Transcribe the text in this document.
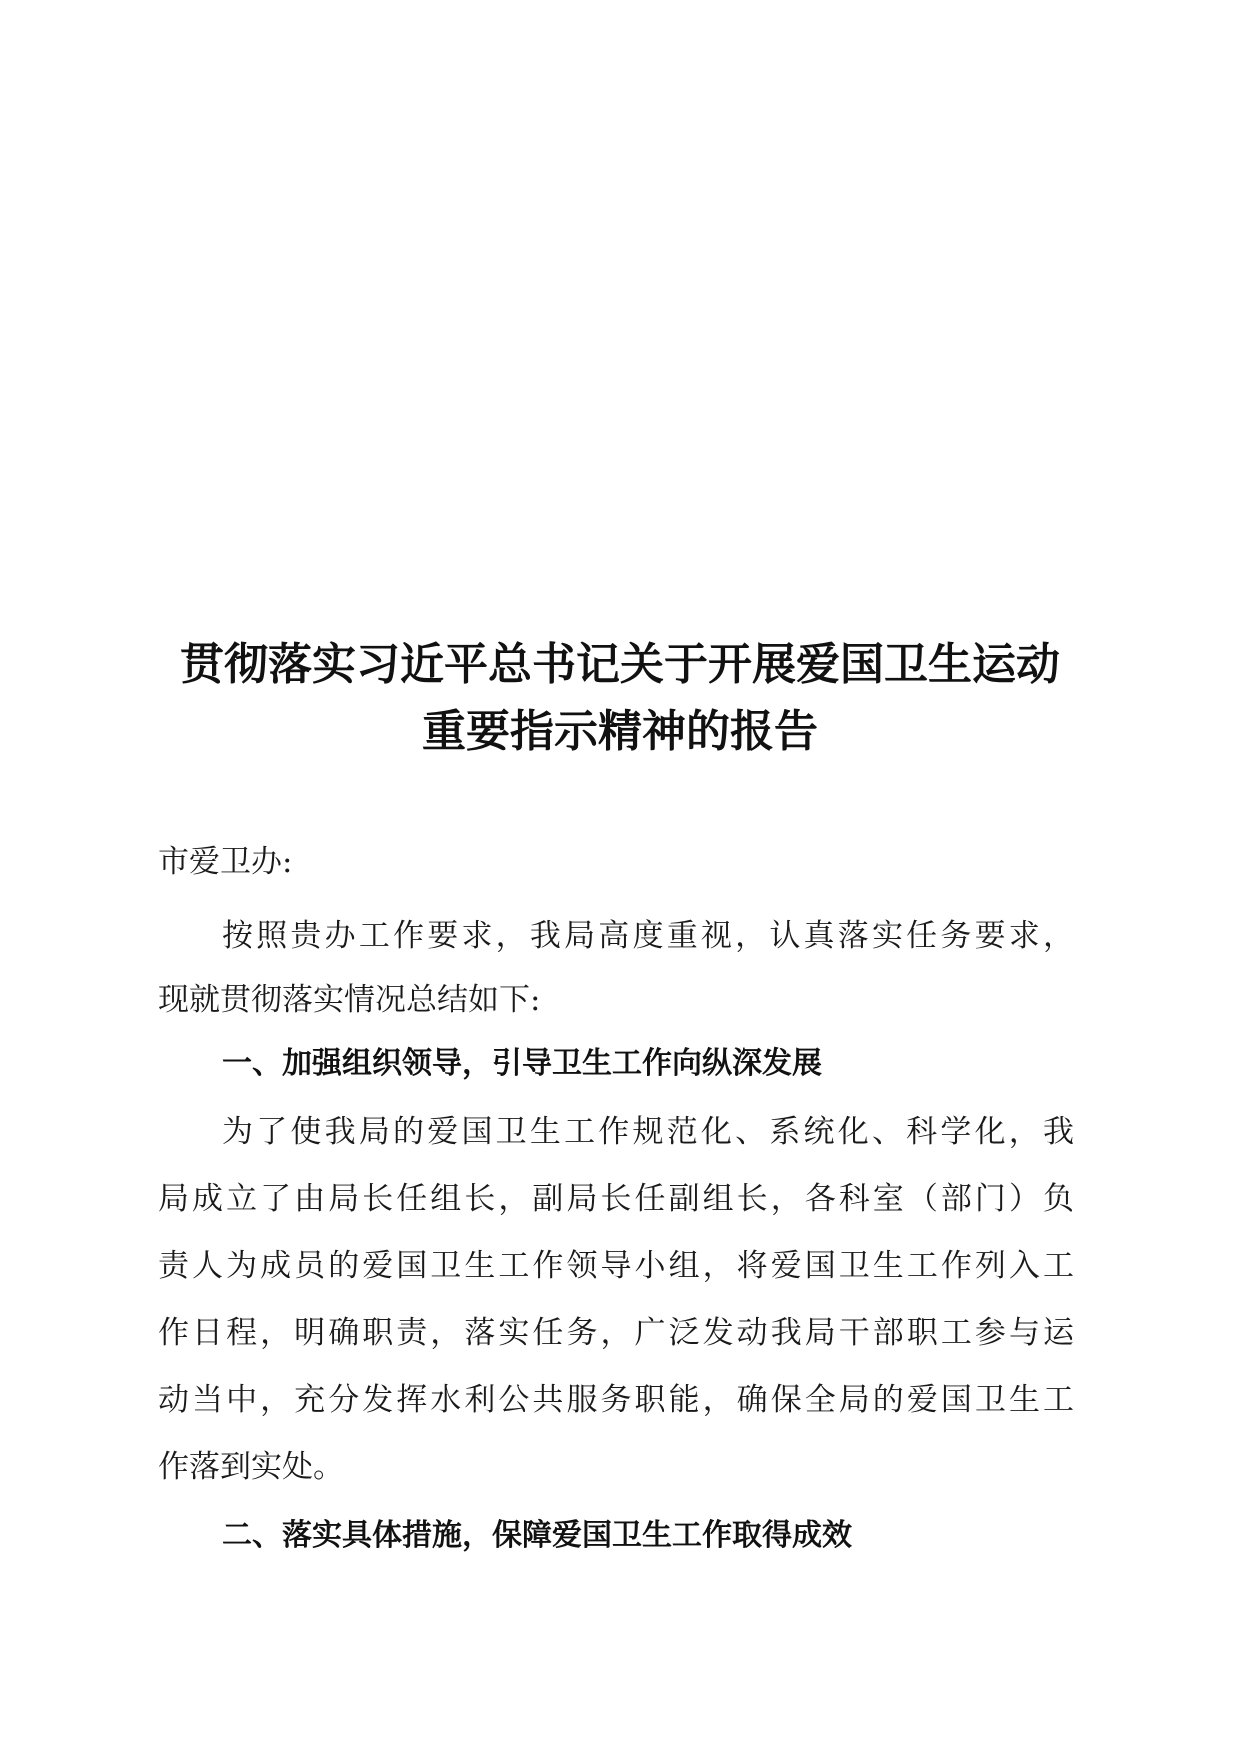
贯彻落实习近平总书记关于开展爱国卫生运动
重要指示精神的报告
市爱卫办:
按照贵办工作要求，我局高度重视，认真落实任务要求，
现就贯彻落实情况总结如下:
一、加强组织领导，引导卫生工作向纵深发展
为了使我局的爱国卫生工作规范化、系统化、科学化，我
局成立了由局长任组长，副局长任副组长，各科室（部门）负
责人为成员的爱国卫生工作领导小组，将爱国卫生工作列入工
作日程，明确职责，落实任务，广泛发动我局干部职工参与运
动当中，充分发挥水利公共服务职能，确保全局的爱国卫生工
作落到实处。
二、落实具体措施，保障爱国卫生工作取得成效
